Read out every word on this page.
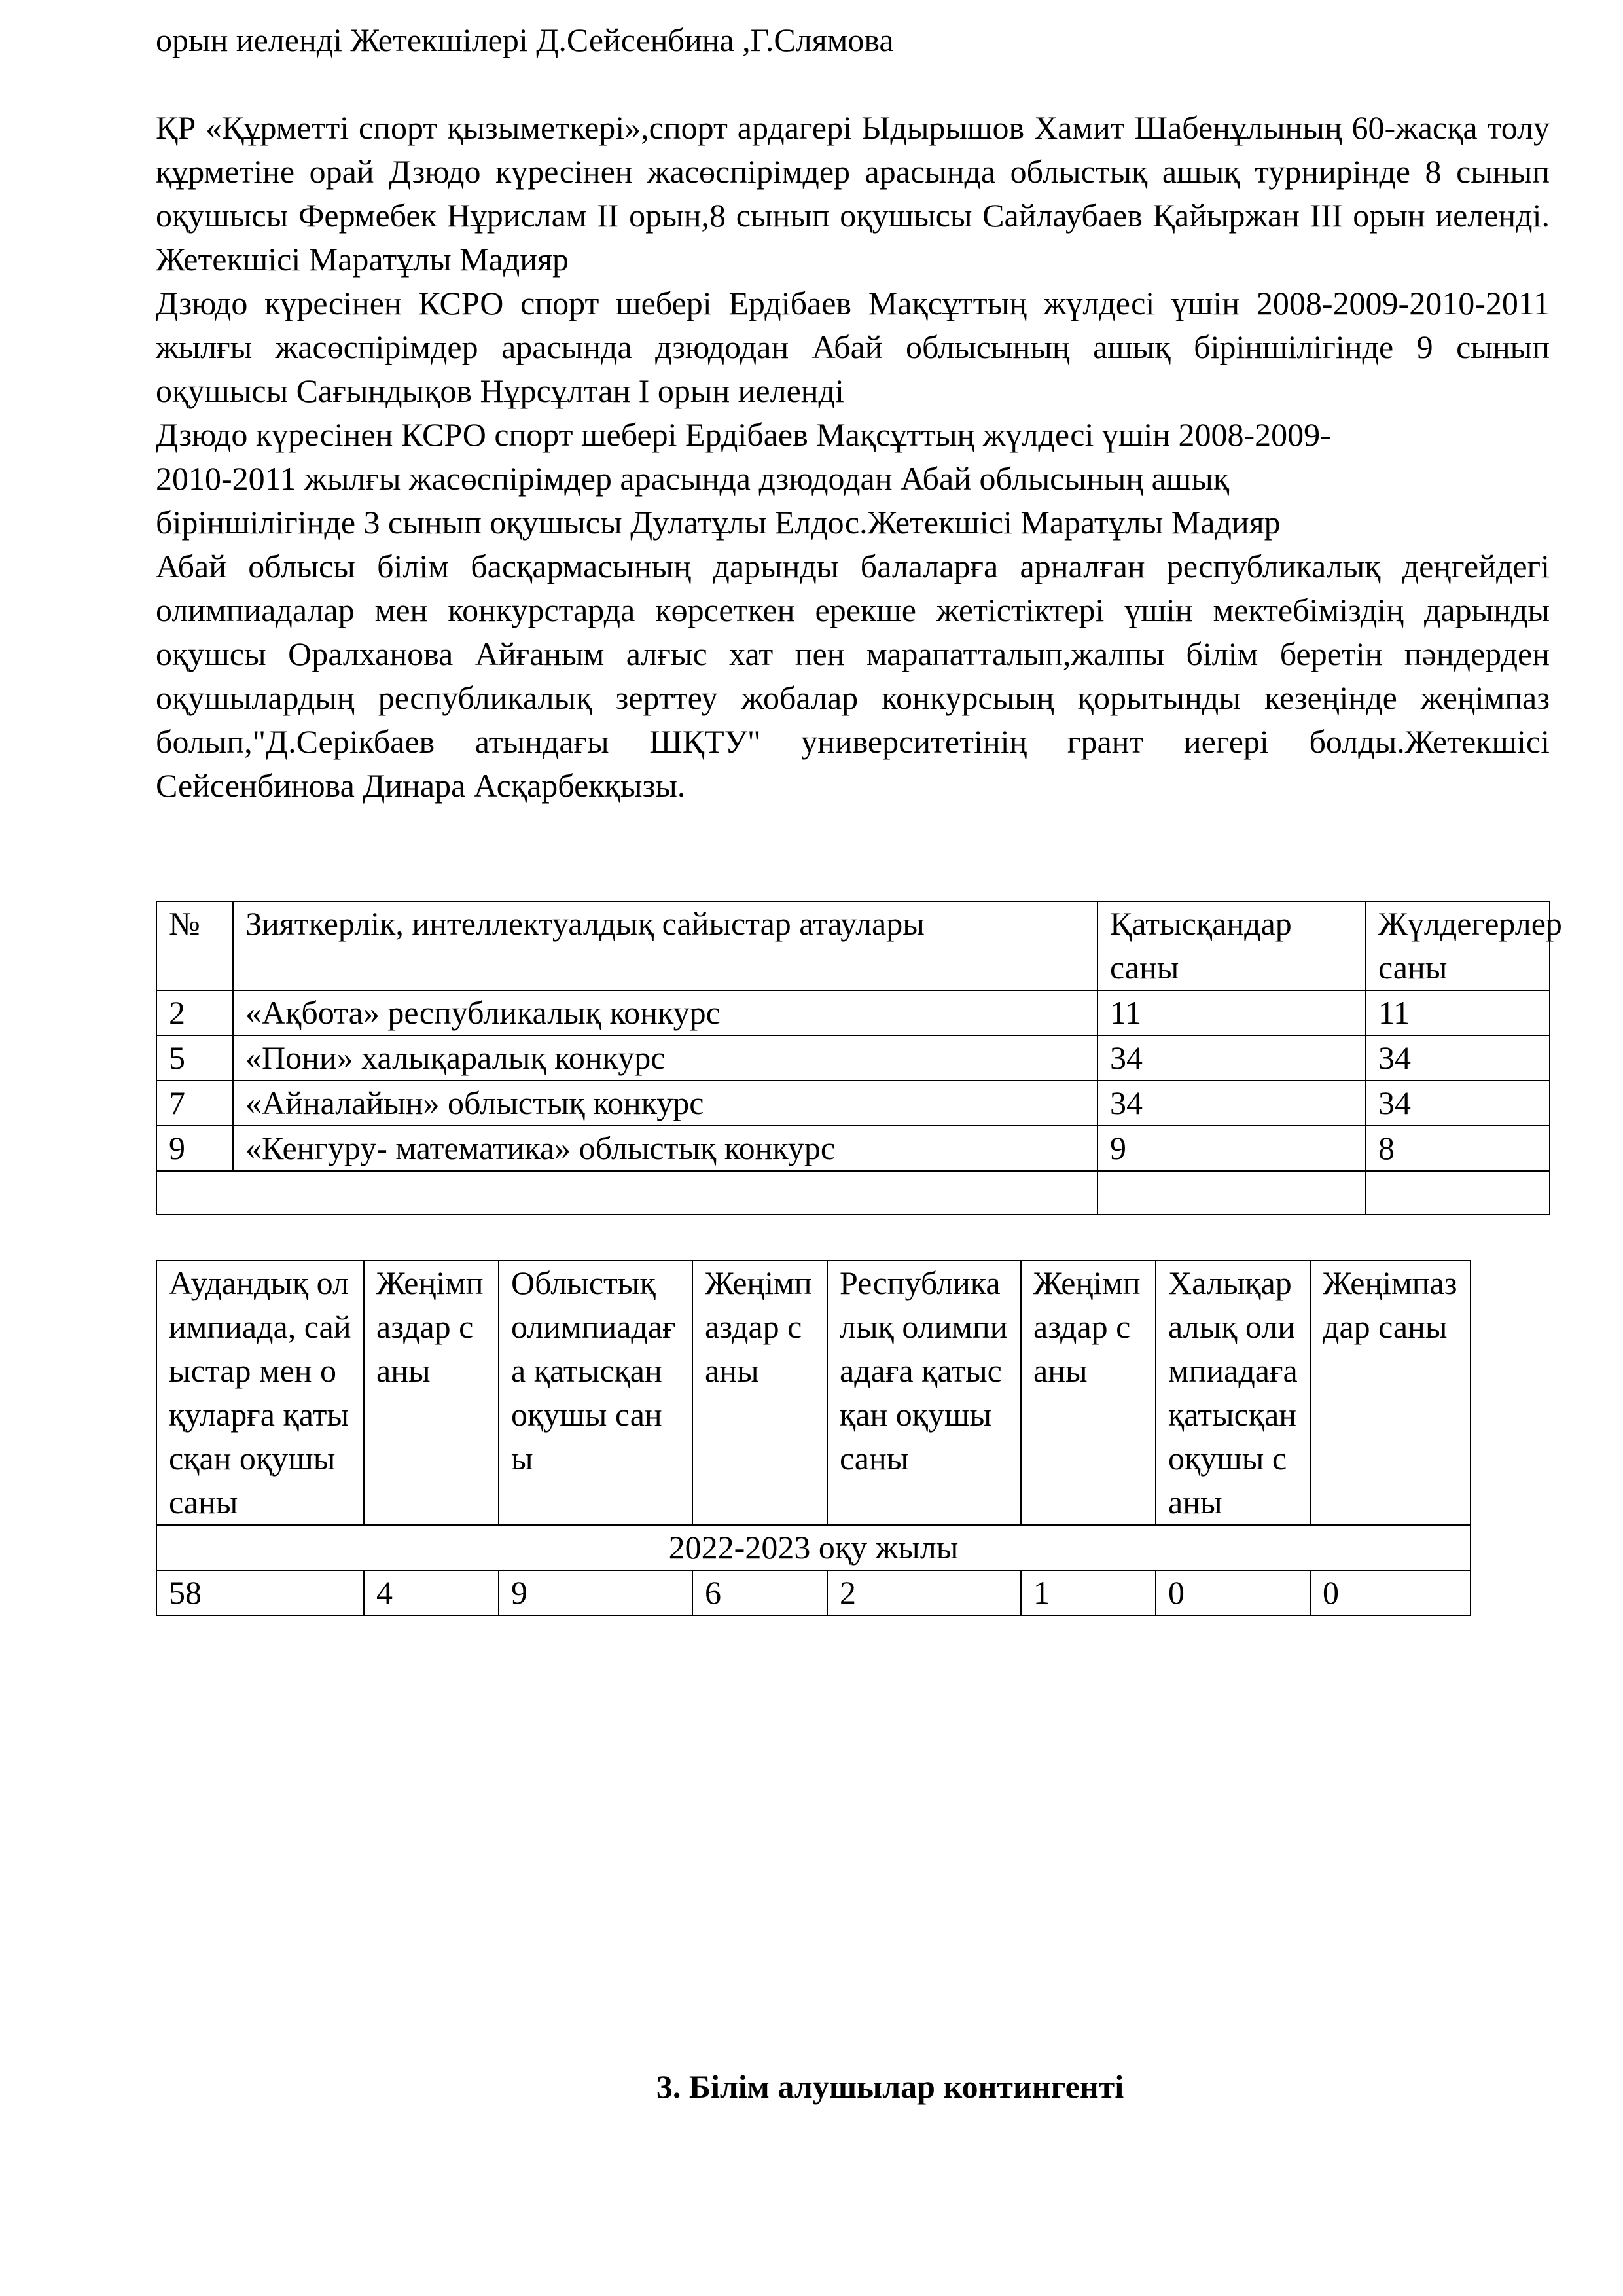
орын иеленді Жетекшілері Д.Сейсенбина ,Г.Слямова

ҚР «Құрметті спорт қызыметкері»,спорт ардагері Ыдырышов Хамит Шабенұлының 60-жасқа толу құрметіне орай Дзюдо күресінен жасөспірімдер арасында облыстық ашық турнирінде 8 сынып оқушысы Фермебек Нұрислам ІІ орын,8 сынып оқушысы Сайлаубаев Қайыржан ІІІ орын иеленді. Жетекшісі Маратұлы Мадияр

Дзюдо күресінен КСРО спорт шебері Ердібаев Мақсұттың жүлдесі үшін 2008-2009-2010-2011 жылғы жасөспірімдер арасында дзюдодан Абай облысының ашық біріншілігінде 9 сынып оқушысы Сағындықов Нұрсұлтан І орын иеленді

Дзюдо күресінен КСРО спорт шебері Ердібаев Мақсұттың жүлдесі үшін 2008-2009-
2010-2011 жылғы жасөспірімдер арасында дзюдодан Абай облысының ашық
біріншілігінде 3 сынып оқушысы Дулатұлы Елдос.Жетекшісі Маратұлы Мадияр

Абай облысы білім басқармасының дарынды балаларға арналған республикалық деңгейдегі олимпиадалар мен конкурстарда көрсеткен ерекше жетістіктері үшін мектебіміздің дарынды оқушсы Оралханова Айғаным алғыс хат пен марапатталып,жалпы білім беретін пәндерден оқушылардың республикалық зерттеу жобалар конкурсыың қорытынды кезеңінде жеңімпаз болып,"Д.Серікбаев атындағы ШҚТУ" университетінің грант иегері болды.Жетекшісі Сейсенбинова Динара Асқарбекқызы.

№	Зияткерлік, интеллектуалдық сайыстар атаулары	Қатысқандар саны	Жүлдегерлер саны
2	«Ақбота» республикалық конкурс	11	11
5	«Пони» халықаралық конкурс	34	34
7	«Айналайын» облыстық конкурс	34	34
9	«Кенгуру- математика» облыстық конкурс	9	8

Аудандық олимпиада, сайыстар мен оқуларға қатысқан оқушы саны	Жеңімпаздар саны	Облыстық олимпиадаға қатысқан оқушы саны	Жеңімпаздар саны	Республикалық олимпиадаға қатысқан оқушы саны	Жеңімпаздар саны	Халықаралық олимпиадаға қатысқан оқушы саны	Жеңімпаздар саны
2022-2023 оқу жылы							
58	4	9	6	2	1	0	0
3. Білім алушылар контингенті
